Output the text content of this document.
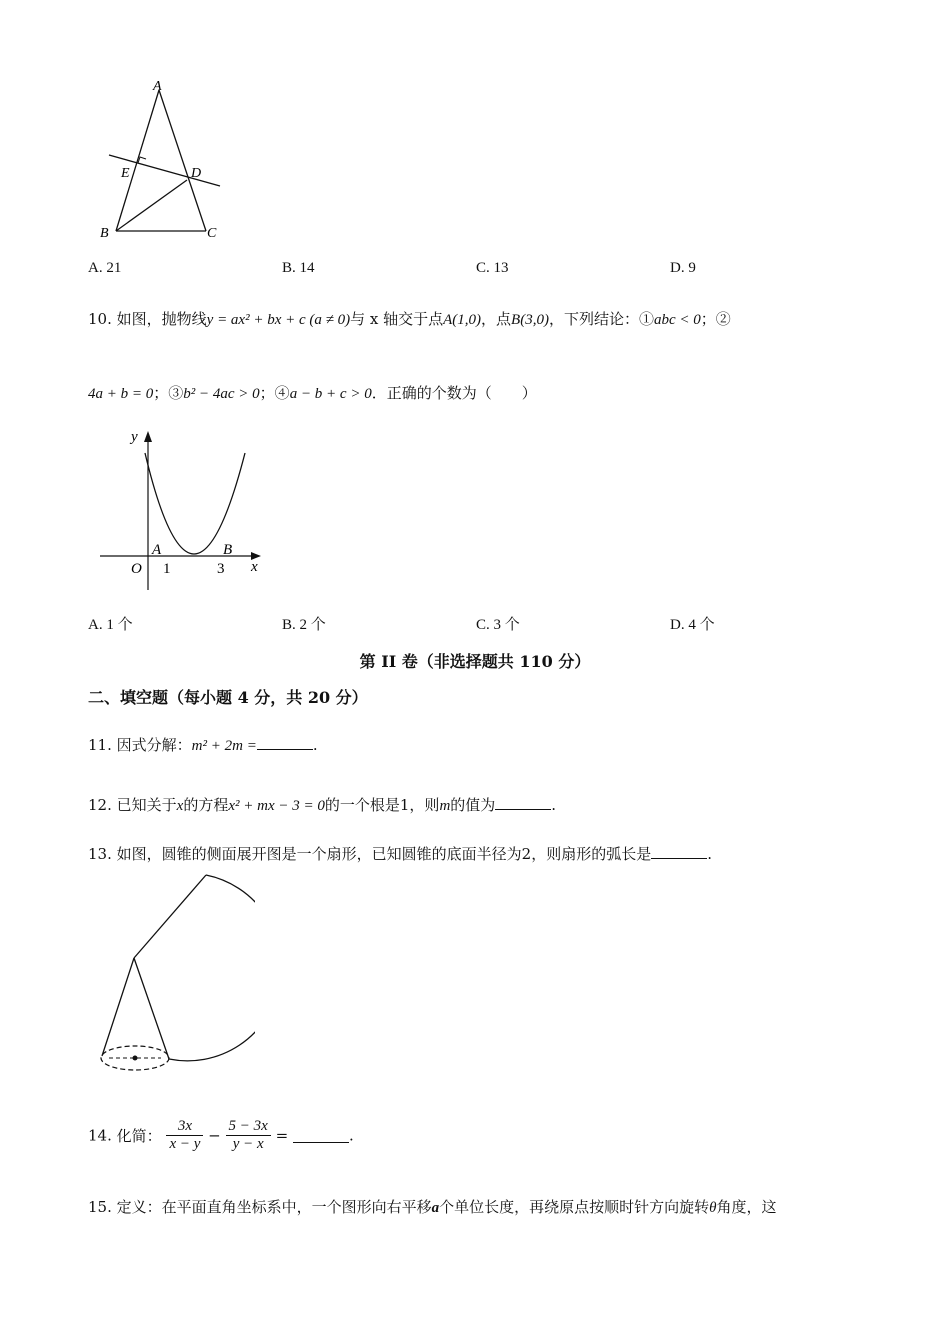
A
E	D
B	C
A. 21	B. 14	C. 13	D. 9
10. 如图，抛物线y = ax² + bx + c (a ≠ 0)与 x 轴交于点A(1,0)，点B(3,0)，下列结论：①abc < 0；②
4a + b = 0；③b² − 4ac > 0；④a − b + c > 0．正确的个数为（　　）
y
x
O
A	B
1	3
A. 1 个	B. 2 个	C. 3 个	D. 4 个
第 II 卷（非选择题共 110 分）
二、填空题（每小题 4 分，共 20 分）
11. 因式分解：m² + 2m =	.
12. 已知关于x的方程x² + mx − 3 = 0的一个根是1，则m的值为	.
13. 如图，圆锥的侧面展开图是一个扇形，已知圆锥的底面半径为2，则扇形的弧长是	.
14. 化简： $\frac{3x}{x - y} - \frac{5 - 3x}{y - x}$ =	.
15. 定义：在平面直角坐标系中，一个图形向右平移a个单位长度，再绕原点按顺时针方向旋转θ角度，这
